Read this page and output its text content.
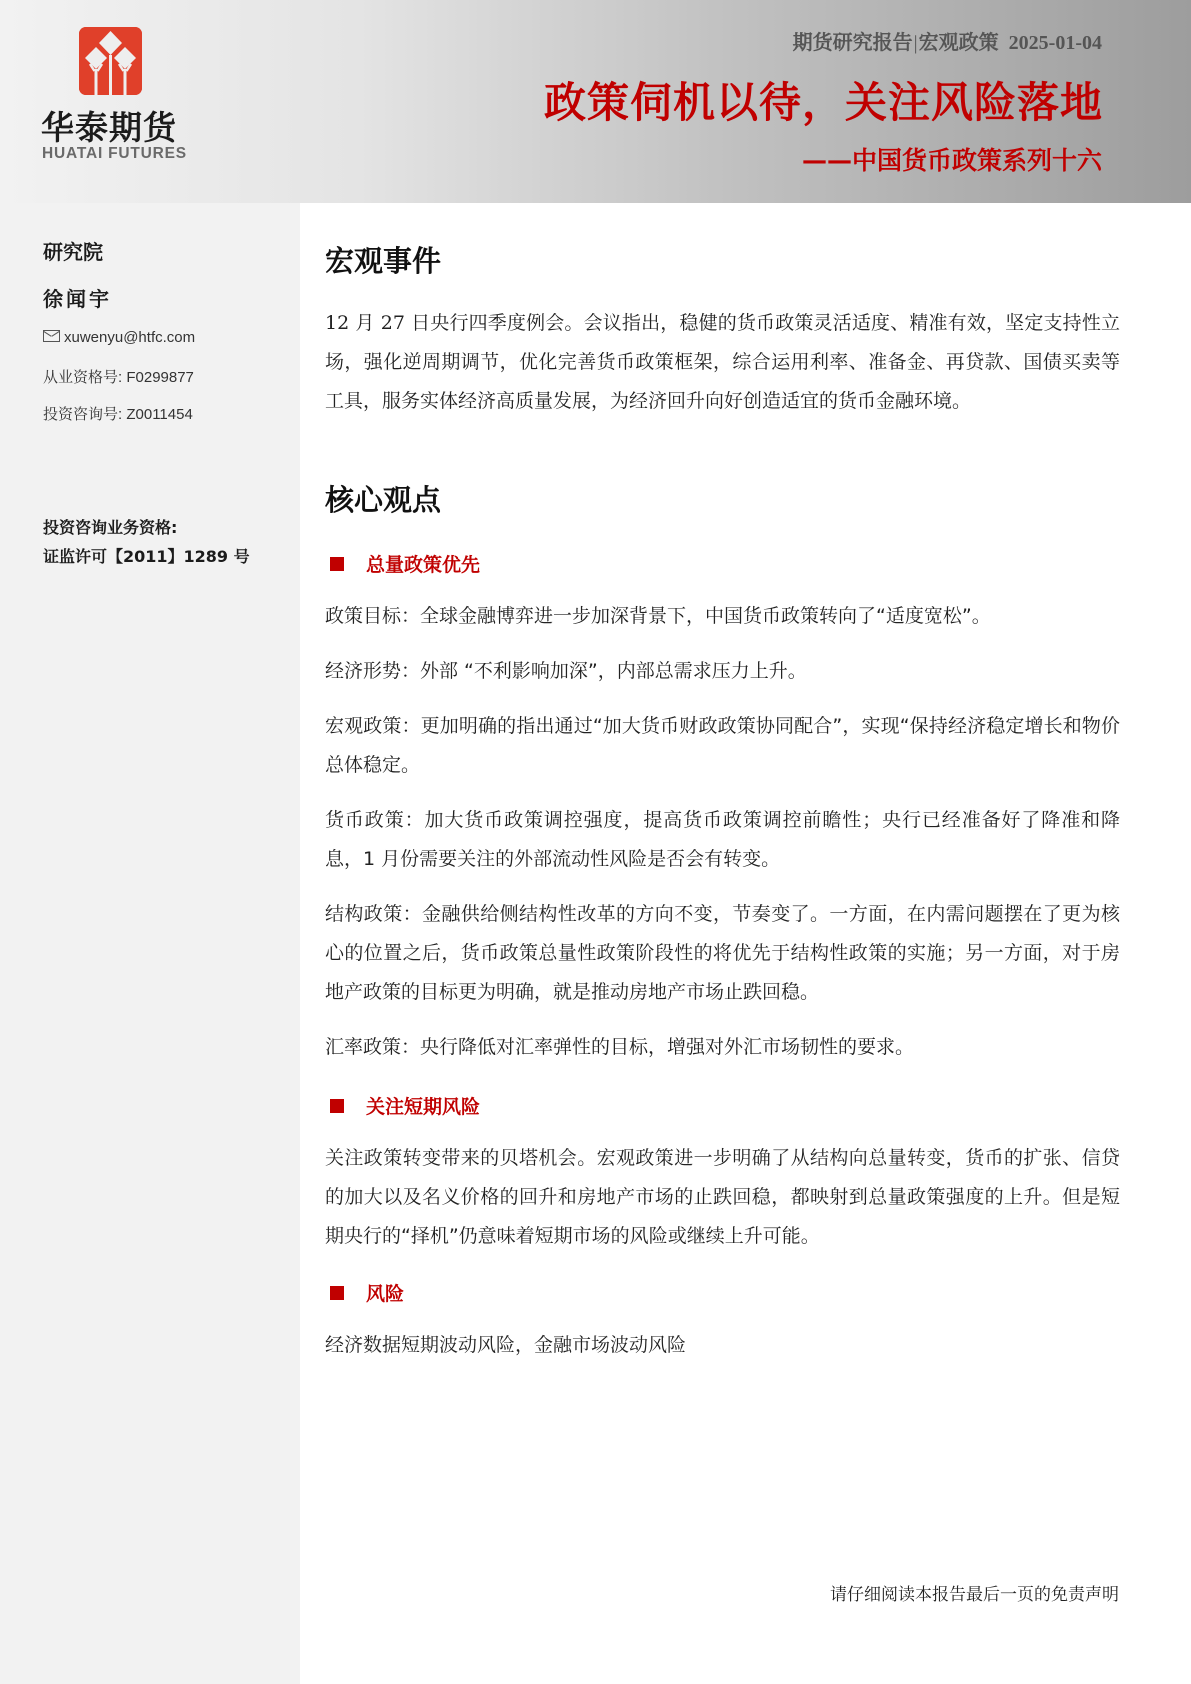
华泰期货
HUATAI FUTURES
期货研究报告|宏观政策 2025-01-04
政策伺机以待，关注风险落地
——中国货币政策系列十六
研究院
徐闻宇
xuwenyu@htfc.com
从业资格号: F0299877
投资咨询号: Z0011454
投资咨询业务资格:
证监许可【2011】1289 号
宏观事件
12 月 27 日央行四季度例会。会议指出，稳健的货币政策灵活适度、精准有效，坚定支持性立场，强化逆周期调节，优化完善货币政策框架，综合运用利率、准备金、再贷款、国债买卖等工具，服务实体经济高质量发展，为经济回升向好创造适宜的货币金融环境。
核心观点
总量政策优先
政策目标：全球金融博弈进一步加深背景下，中国货币政策转向了“适度宽松”。
经济形势：外部 “不利影响加深”，内部总需求压力上升。
宏观政策：更加明确的指出通过“加大货币财政政策协同配合”，实现“保持经济稳定增长和物价总体稳定。
货币政策：加大货币政策调控强度，提高货币政策调控前瞻性；央行已经准备好了降准和降息，1 月份需要关注的外部流动性风险是否会有转变。
结构政策：金融供给侧结构性改革的方向不变，节奏变了。一方面，在内需问题摆在了更为核心的位置之后，货币政策总量性政策阶段性的将优先于结构性政策的实施；另一方面，对于房地产政策的目标更为明确，就是推动房地产市场止跌回稳。
汇率政策：央行降低对汇率弹性的目标，增强对外汇市场韧性的要求。
关注短期风险
关注政策转变带来的贝塔机会。宏观政策进一步明确了从结构向总量转变，货币的扩张、信贷的加大以及名义价格的回升和房地产市场的止跌回稳，都映射到总量政策强度的上升。但是短期央行的“择机”仍意味着短期市场的风险或继续上升可能。
风险
经济数据短期波动风险，金融市场波动风险
请仔细阅读本报告最后一页的免责声明
